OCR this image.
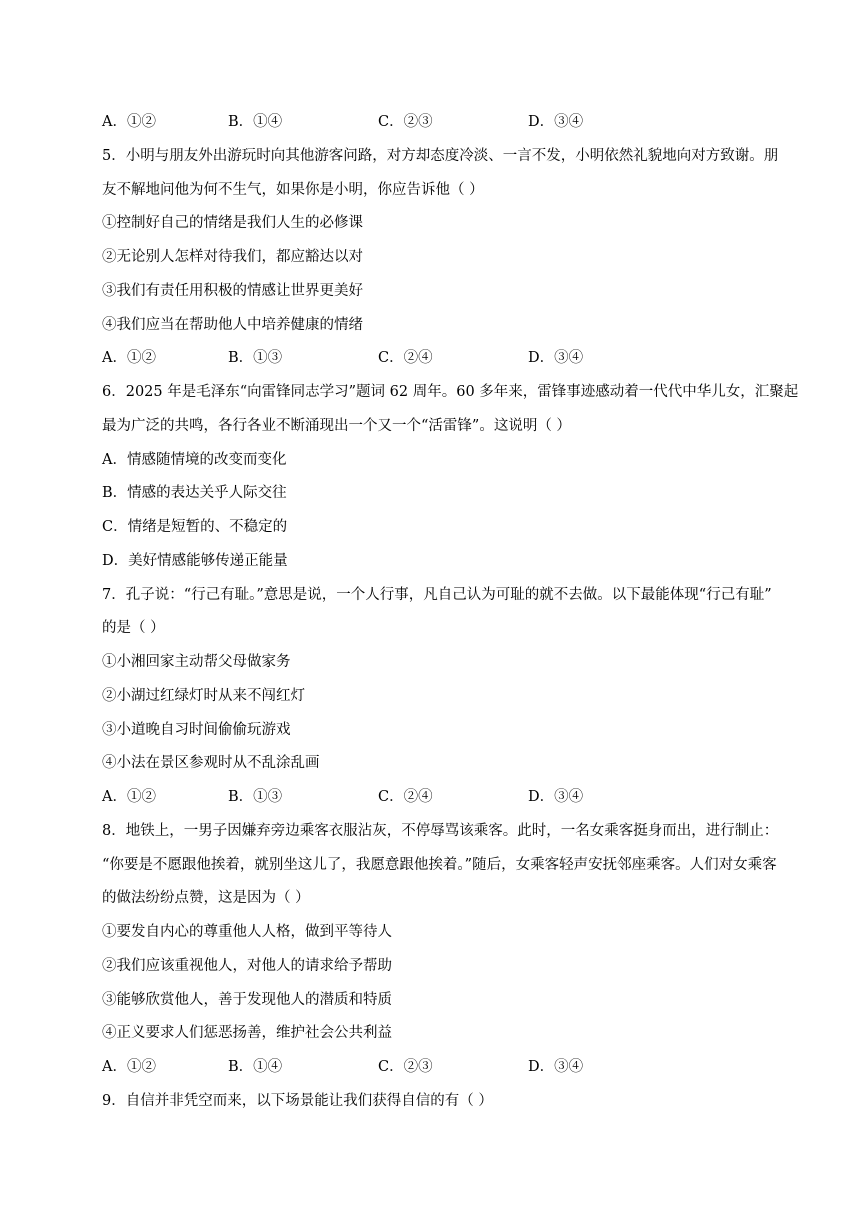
A．①②	B．①④	C．②③	D．③④
5．小明与朋友外出游玩时向其他游客问路，对方却态度冷淡、一言不发，小明依然礼貌地向对方致谢。朋
友不解地问他为何不生气，如果你是小明，你应告诉他（ ）
①控制好自己的情绪是我们人生的必修课
②无论别人怎样对待我们，都应豁达以对
③我们有责任用积极的情感让世界更美好
④我们应当在帮助他人中培养健康的情绪
A．①②	B．①③	C．②④	D．③④
6．2025 年是毛泽东“向雷锋同志学习”题词 62 周年。60 多年来，雷锋事迹感动着一代代中华儿女，汇聚起
最为广泛的共鸣，各行各业不断涌现出一个又一个“活雷锋”。这说明（ ）
A．情感随情境的改变而变化
B．情感的表达关乎人际交往
C．情绪是短暂的、不稳定的
D．美好情感能够传递正能量
7．孔子说：“行己有耻。”意思是说，一个人行事，凡自己认为可耻的就不去做。以下最能体现“行己有耻”
的是（ ）
①小湘回家主动帮父母做家务
②小湖过红绿灯时从来不闯红灯
③小道晚自习时间偷偷玩游戏
④小法在景区参观时从不乱涂乱画
A．①②	B．①③	C．②④	D．③④
8．地铁上，一男子因嫌弃旁边乘客衣服沾灰，不停辱骂该乘客。此时，一名女乘客挺身而出，进行制止：
“你要是不愿跟他挨着，就别坐这儿了，我愿意跟他挨着。”随后，女乘客轻声安抚邻座乘客。人们对女乘客
的做法纷纷点赞，这是因为（ ）
①要发自内心的尊重他人人格，做到平等待人
②我们应该重视他人，对他人的请求给予帮助
③能够欣赏他人，善于发现他人的潜质和特质
④正义要求人们惩恶扬善，维护社会公共利益
A．①②	B．①④	C．②③	D．③④
9．自信并非凭空而来，以下场景能让我们获得自信的有（ ）
